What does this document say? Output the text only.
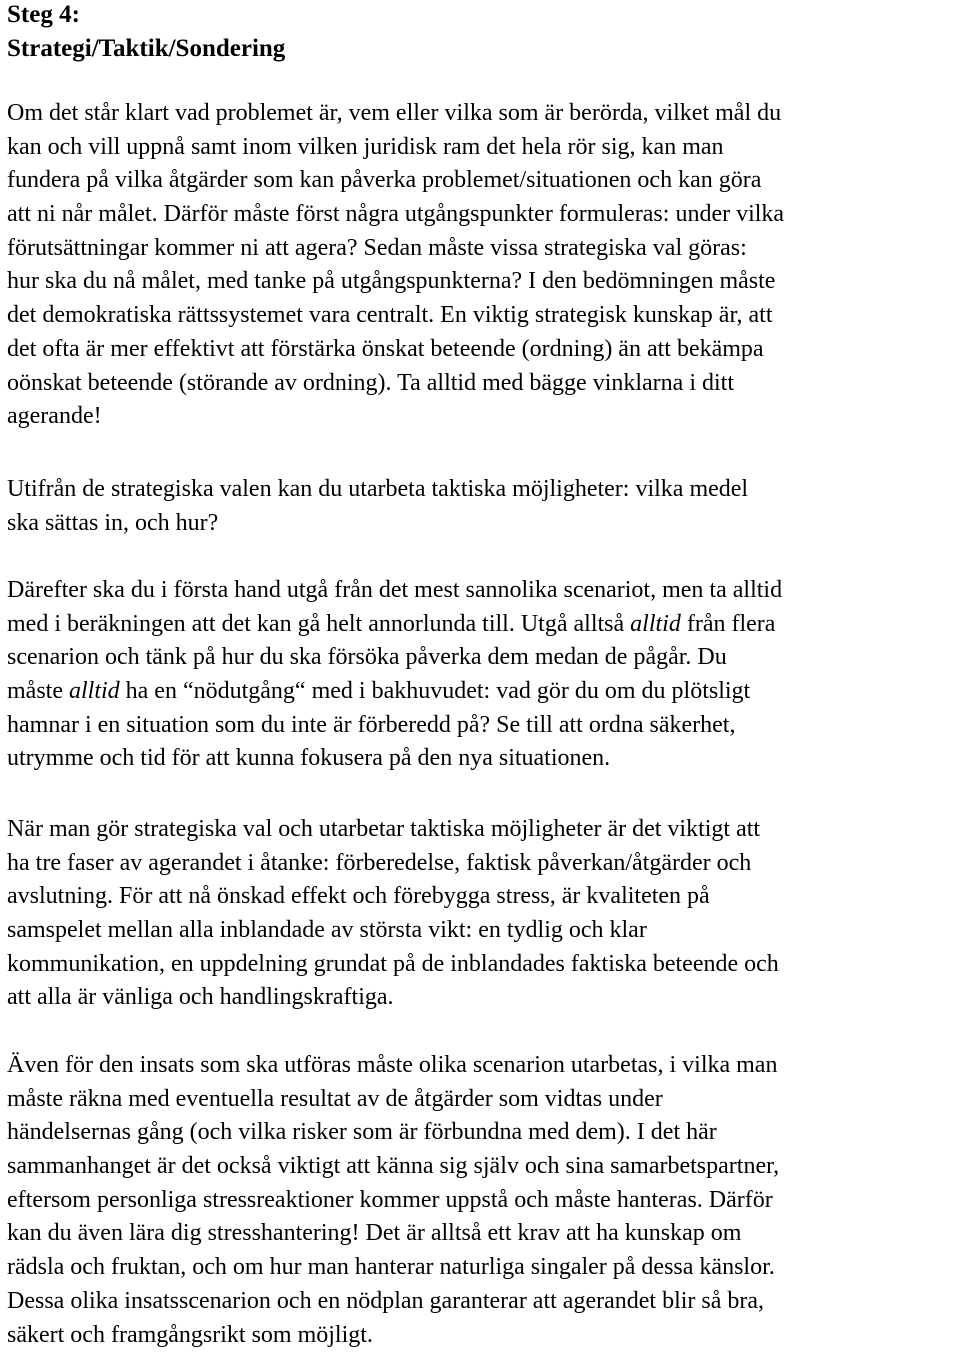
Steg 4:
Strategi/Taktik/Sondering

Om det står klart vad problemet är, vem eller vilka som är berörda, vilket mål du
kan och vill uppnå samt inom vilken juridisk ram det hela rör sig, kan man
fundera på vilka åtgärder som kan påverka problemet/situationen och kan göra
att ni når målet. Därför måste först några utgångspunkter formuleras: under vilka
förutsättningar kommer ni att agera? Sedan måste vissa strategiska val göras:
hur ska du nå målet, med tanke på utgångspunkterna? I den bedömningen måste
det demokratiska rättssystemet vara centralt. En viktig strategisk kunskap är, att
det ofta är mer effektivt att förstärka önskat beteende (ordning) än att bekämpa
oönskat beteende (störande av ordning). Ta alltid med bägge vinklarna i ditt
agerande!

Utifrån de strategiska valen kan du utarbeta taktiska möjligheter: vilka medel
ska sättas in, och hur?

Därefter ska du i första hand utgå från det mest sannolika scenariot, men ta alltid
med i beräkningen att det kan gå helt annorlunda till. Utgå alltså alltid från flera
scenarion och tänk på hur du ska försöka påverka dem medan de pågår. Du
måste alltid ha en “nödutgång“ med i bakhuvudet: vad gör du om du plötsligt
hamnar i en situation som du inte är förberedd på? Se till att ordna säkerhet,
utrymme och tid för att kunna fokusera på den nya situationen.

När man gör strategiska val och utarbetar taktiska möjligheter är det viktigt att
ha tre faser av agerandet i åtanke: förberedelse, faktisk påverkan/åtgärder och
avslutning. För att nå önskad effekt och förebygga stress, är kvaliteten på
samspelet mellan alla inblandade av största vikt: en tydlig och klar
kommunikation, en uppdelning grundat på de inblandades faktiska beteende och
att alla är vänliga och handlingskraftiga.

Även för den insats som ska utföras måste olika scenarion utarbetas, i vilka man
måste räkna med eventuella resultat av de åtgärder som vidtas under
händelsernas gång (och vilka risker som är förbundna med dem). I det här
sammanhanget är det också viktigt att känna sig själv och sina samarbetspartner,
eftersom personliga stressreaktioner kommer uppstå och måste hanteras. Därför
kan du även lära dig stresshantering! Det är alltså ett krav att ha kunskap om
rädsla och fruktan, och om hur man hanterar naturliga singaler på dessa känslor.
Dessa olika insatsscenarion och en nödplan garanterar att agerandet blir så bra,
säkert och framgångsrikt som möjligt.
